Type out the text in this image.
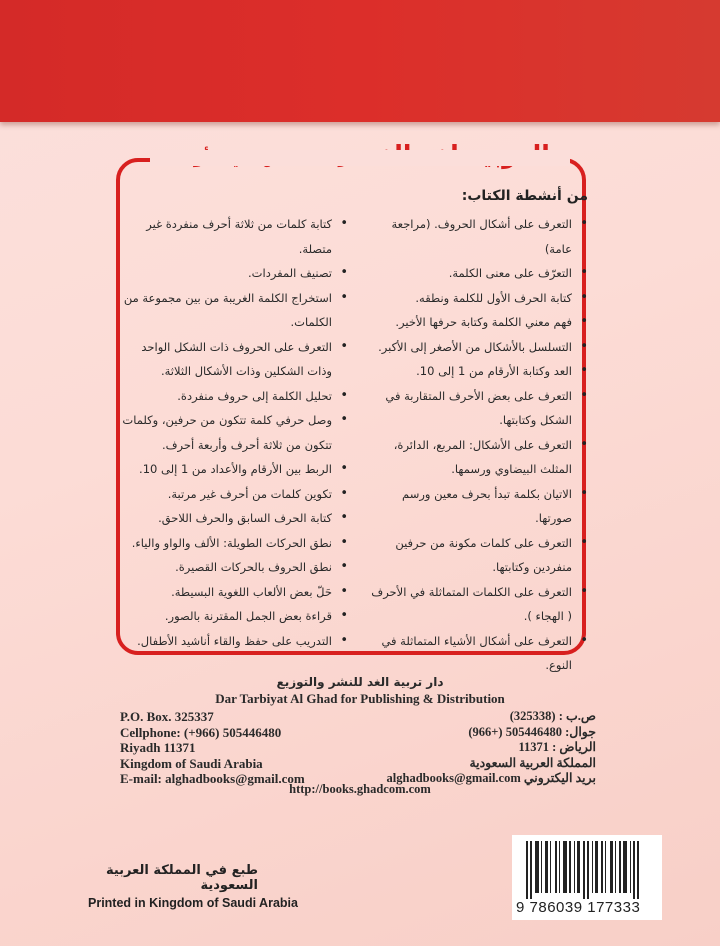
من أنشطة الكتاب:
• التعرف على أشكال الحروف. (مراجعة عامة)
• التعرّف على معنى الكلمة.
• كتابة الحرف الأول للكلمة ونطقه.
• فهم معني الكلمة وكتابة حرفها الأخير.
• التسلسل بالأشكال من الأصغر إلى الأكبر.
• العد وكتابة الأرقام من 1 إلى 10.
• التعرف على بعض الأحرف المتقاربة في الشكل وكتابتها.
• التعرف على الأشكال: المربع، الدائرة، المثلث البيضاوي ورسمها.
• الاتيان بكلمة تبدأ بحرف معين ورسم صورتها.
• التعرف على كلمات مكونة من حرفين منفردين وكتابتها.
• التعرف على الكلمات المتماثلة في الأحرف ( الهجاء ).
• التعرف على أشكال الأشياء المتماثلة في النوع.
• كتابة كلمات من ثلاثة أحرف منفردة غير متصلة.
• تصنيف المفردات.
• استخراج الكلمة الغريبة من بين مجموعة من الكلمات.
• التعرف على الحروف ذات الشكل الواحد وذات الشكلين وذات الأشكال الثلاثة.
• تحليل الكلمة إلى حروف منفردة.
• وصل حرفي كلمة تتكون من حرفين، وكلمات تتكون من ثلاثة أحرف وأربعة أحرف.
• الربط بين الأرقام والأعداد من 1 إلى 10.
• تكوين كلمات من أحرف غير مرتبة.
• كتابة الحرف السابق والحرف اللاحق.
• نطق الحركات الطويلة: الألف والواو والياء.
• نطق الحروف بالحركات القصيرة.
• حَلّ بعض الألعاب اللغوية البسيطة.
• قراءة بعض الجمل المقترنة بالصور.
• التدريب على حفظ والقاء أناشيد الأطفال.
دار تربية الغد للنشر والتوزيع
Dar Tarbiyat Al Ghad for Publishing & Distribution
P.O. Box. 325337
Cellphone: (+966) 505446480
Riyadh 11371
Kingdom of Saudi Arabia
E-mail: alghadbooks@gmail.com
ص.ب : (325338)
جوال: 505446480 (+966)
الرياض : 11371
المملكة العربية السعودية
بريد اليكتروني alghadbooks@gmail.com
http://books.ghadcom.com
طبع في المملكة العربية السعودية
Printed in Kingdom of Saudi Arabia	9 786039 177333
